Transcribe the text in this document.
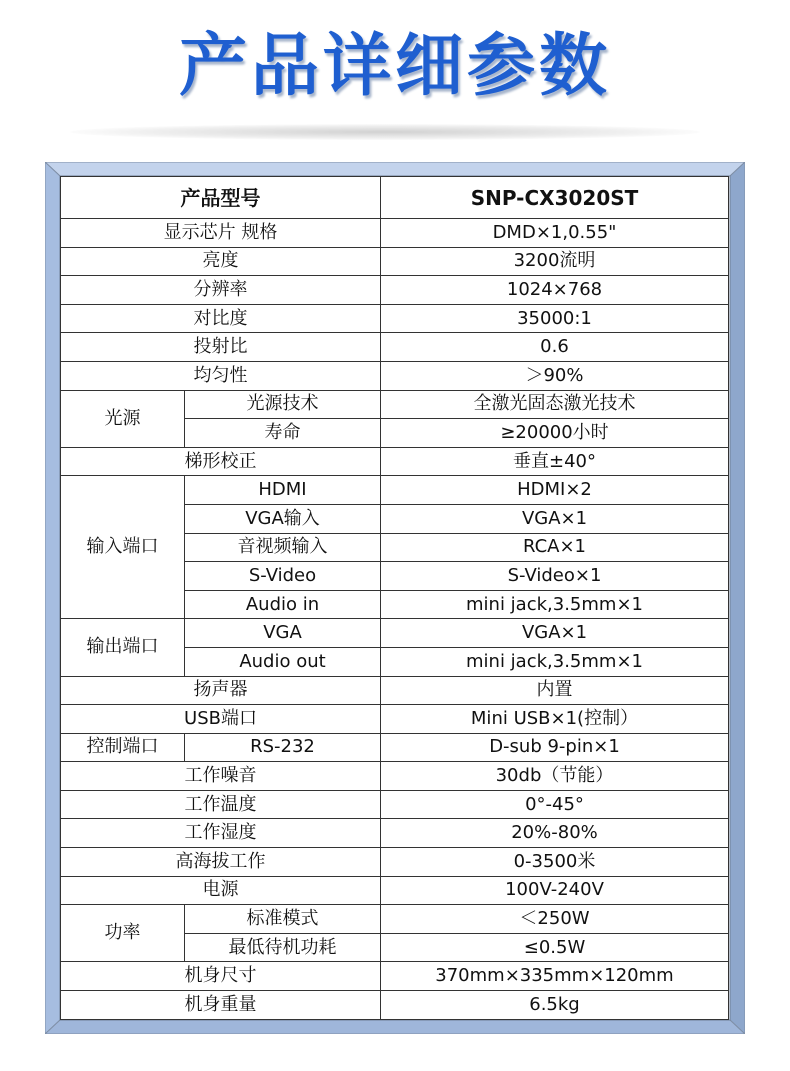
产品详细参数
产品型号		SNP-CX3020ST
显示芯片 规格		DMD×1,0.55"
亮度		3200流明
分辨率		1024×768
对比度		35000:1
投射比		0.6
均匀性		＞90%
光源	光源技术	全激光固态激光技术
	寿命	≥20000小时
梯形校正		垂直±40°
输入端口	HDMI	HDMI×2
	VGA输入	VGA×1
	音视频输入	RCA×1
	S-Video	S-Video×1
	Audio in	mini jack,3.5mm×1
输出端口	VGA	VGA×1
	Audio out	mini jack,3.5mm×1
扬声器		内置
USB端口		Mini USB×1(控制）
控制端口	RS-232	D-sub 9-pin×1
工作噪音		30db（节能）
工作温度		0°-45°
工作湿度		20%-80%
高海拔工作		0-3500米
电源		100V-240V
功率	标准模式	＜250W
	最低待机功耗	≤0.5W
机身尺寸		370mm×335mm×120mm
机身重量		6.5kg
